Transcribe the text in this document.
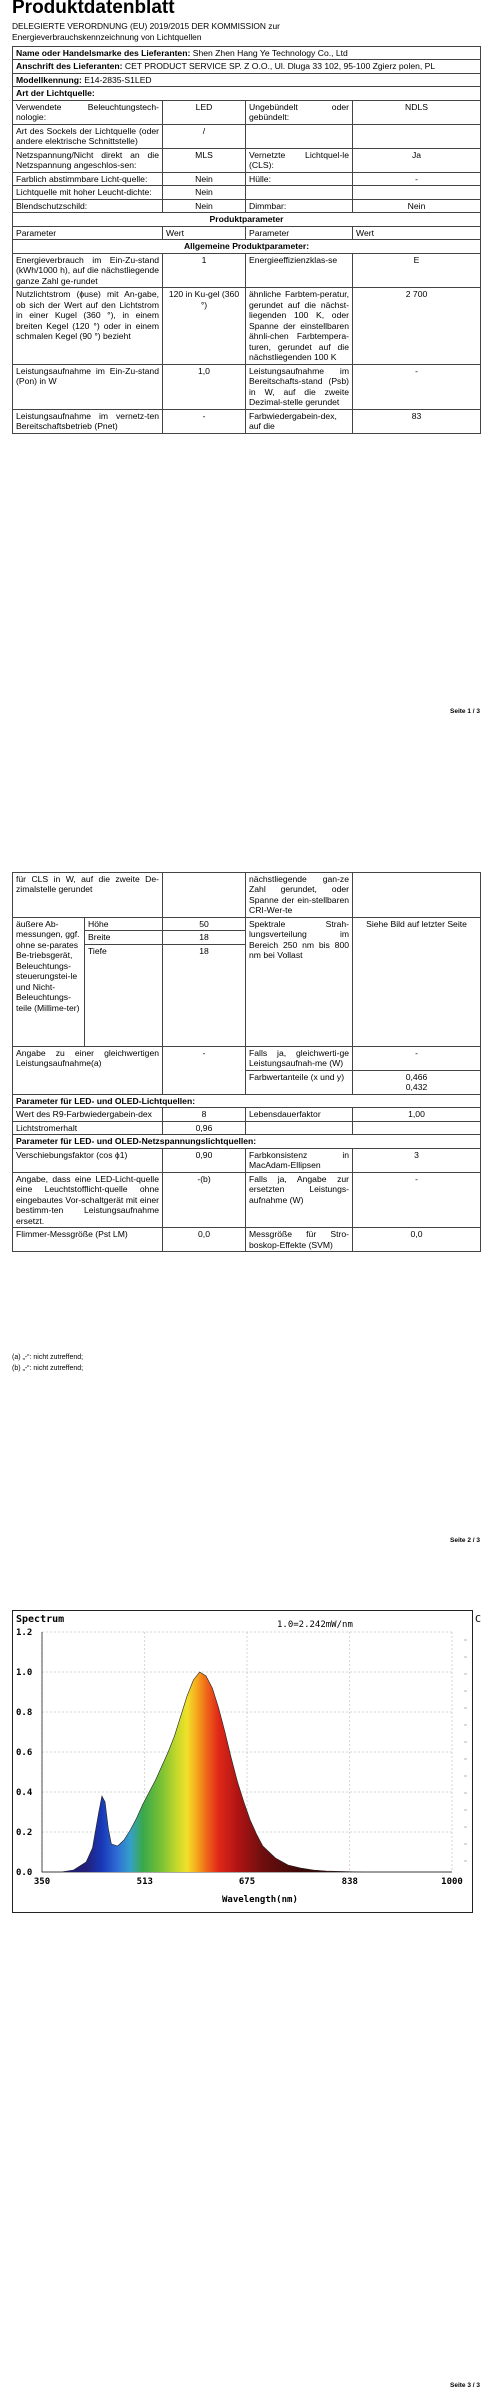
Produktdatenblatt
DELEGIERTE VERORDNUNG (EU) 2019/2015 DER KOMMISSION zur Energieverbrauchskennzeichnung von Lichtquellen
Name oder Handelsmarke des Lieferanten: Shen Zhen Hang Ye Technology Co., Ltd			
Anschrift des Lieferanten: CET PRODUCT SERVICE SP. Z O.O., Ul. Dluga 33 102, 95-100 Zgierz polen, PL			
Modellkennung: E14-2835-S1LED			
Art der Lichtquelle:			
Verwendete Beleuchtungstech-nologie:	LED	Ungebündelt oder gebündelt:	NDLS
Art des Sockels der Lichtquelle (oder andere elektrische Schnittstelle)	/		
Netzspannung/Nicht direkt an die Netzspannung angeschlos-sen:	MLS	Vernetzte Lichtquel-le (CLS):	Ja
Farblich abstimmbare Licht-quelle:	Nein	Hülle:	-
Lichtquelle mit hoher Leucht-dichte:	Nein		
Blendschutzschild:	Nein	Dimmbar:	Nein
Produktparameter			
Parameter	Wert	Parameter	Wert
Allgemeine Produktparameter:			
Energieverbrauch im Ein-Zu-stand (kWh/1000 h), auf die nächstliegende ganze Zahl ge-rundet	1	Energieeffizienzklas-se	E
Nutzlichtstrom (ɸuse) mit An-gabe, ob sich der Wert auf den Lichtstrom in einer Kugel (360 °), in einem breiten Kegel (120 °) oder in einem schmalen Kegel (90 °) bezieht	120 in Ku-gel (360 °)	ähnliche Farbtem-peratur, gerundet auf die nächst-liegenden 100 K, oder Spanne der einstellbaren ähnli-chen Farbtempera-turen, gerundet auf die nächstliegenden 100 K	2 700
Leistungsaufnahme im Ein-Zu-stand (Pon) in W	1,0	Leistungsaufnahme im Bereitschafts-stand (Psb) in W, auf die zweite Dezimal-stelle gerundet	-
Leistungsaufnahme im vernetz-ten Bereitschaftsbetrieb (Pnet)	-	Farbwiedergabein-dex, auf die	83
Seite 1 / 3
für CLS in W, auf die zweite De-zimalstelle gerundet			nächstliegende gan-ze Zahl gerundet, oder Spanne der ein-stellbaren CRI-Wer-te	
äußere Ab-messungen, ggf. ohne se-parates Be-triebsgerät, Beleuchtungs-steuerungstei-le und Nicht-Beleuchtungs-teile (Millime-ter)	Höhe	50	Spektrale Strah-lungsverteilung im Bereich 250 nm bis 800 nm bei Vollast	Siehe Bild auf letzter Seite
	Breite	18		
	Tiefe	18		
Angabe zu einer gleichwertigen Leistungsaufnahme(a)		-	Falls ja, gleichwerti-ge Leistungsaufnah-me (W)	-
			Farbwertanteile (x und y)	0,466
0,432

Parameter für LED- und OLED-Lichtquellen:				
Wert des R9-Farbwiedergabein-dex		8	Lebensdauerfaktor	1,00
Lichtstromerhalt		0,96		
Parameter für LED- und OLED-Netzspannungslichtquellen:				
Verschiebungsfaktor (cos ϕ1)		0,90	Farbkonsistenz in MacAdam-Ellipsen	3
Angabe, dass eine LED-Licht-quelle eine Leuchtstofflicht-quelle ohne eingebautes Vor-schaltgerät mit einer bestimm-ten Leistungsaufnahme ersetzt.		-(b)	Falls ja, Angabe zur ersetzten Leistungs-aufnahme (W)	-
Flimmer-Messgröße (Pst LM)		0,0	Messgröße für Stro-boskop-Effekte (SVM)	0,0
(a) „-“: nicht zutreffend;
(b) „-“: nicht zutreffend;
Seite 2 / 3
Seite 3 / 3
1.2
1.0
0.8
0.6
0.4
0.2
0.0
350	513	675	838	1000
Spectrum	1.0=2.242mW/nm	C
Wavelength(nm)
